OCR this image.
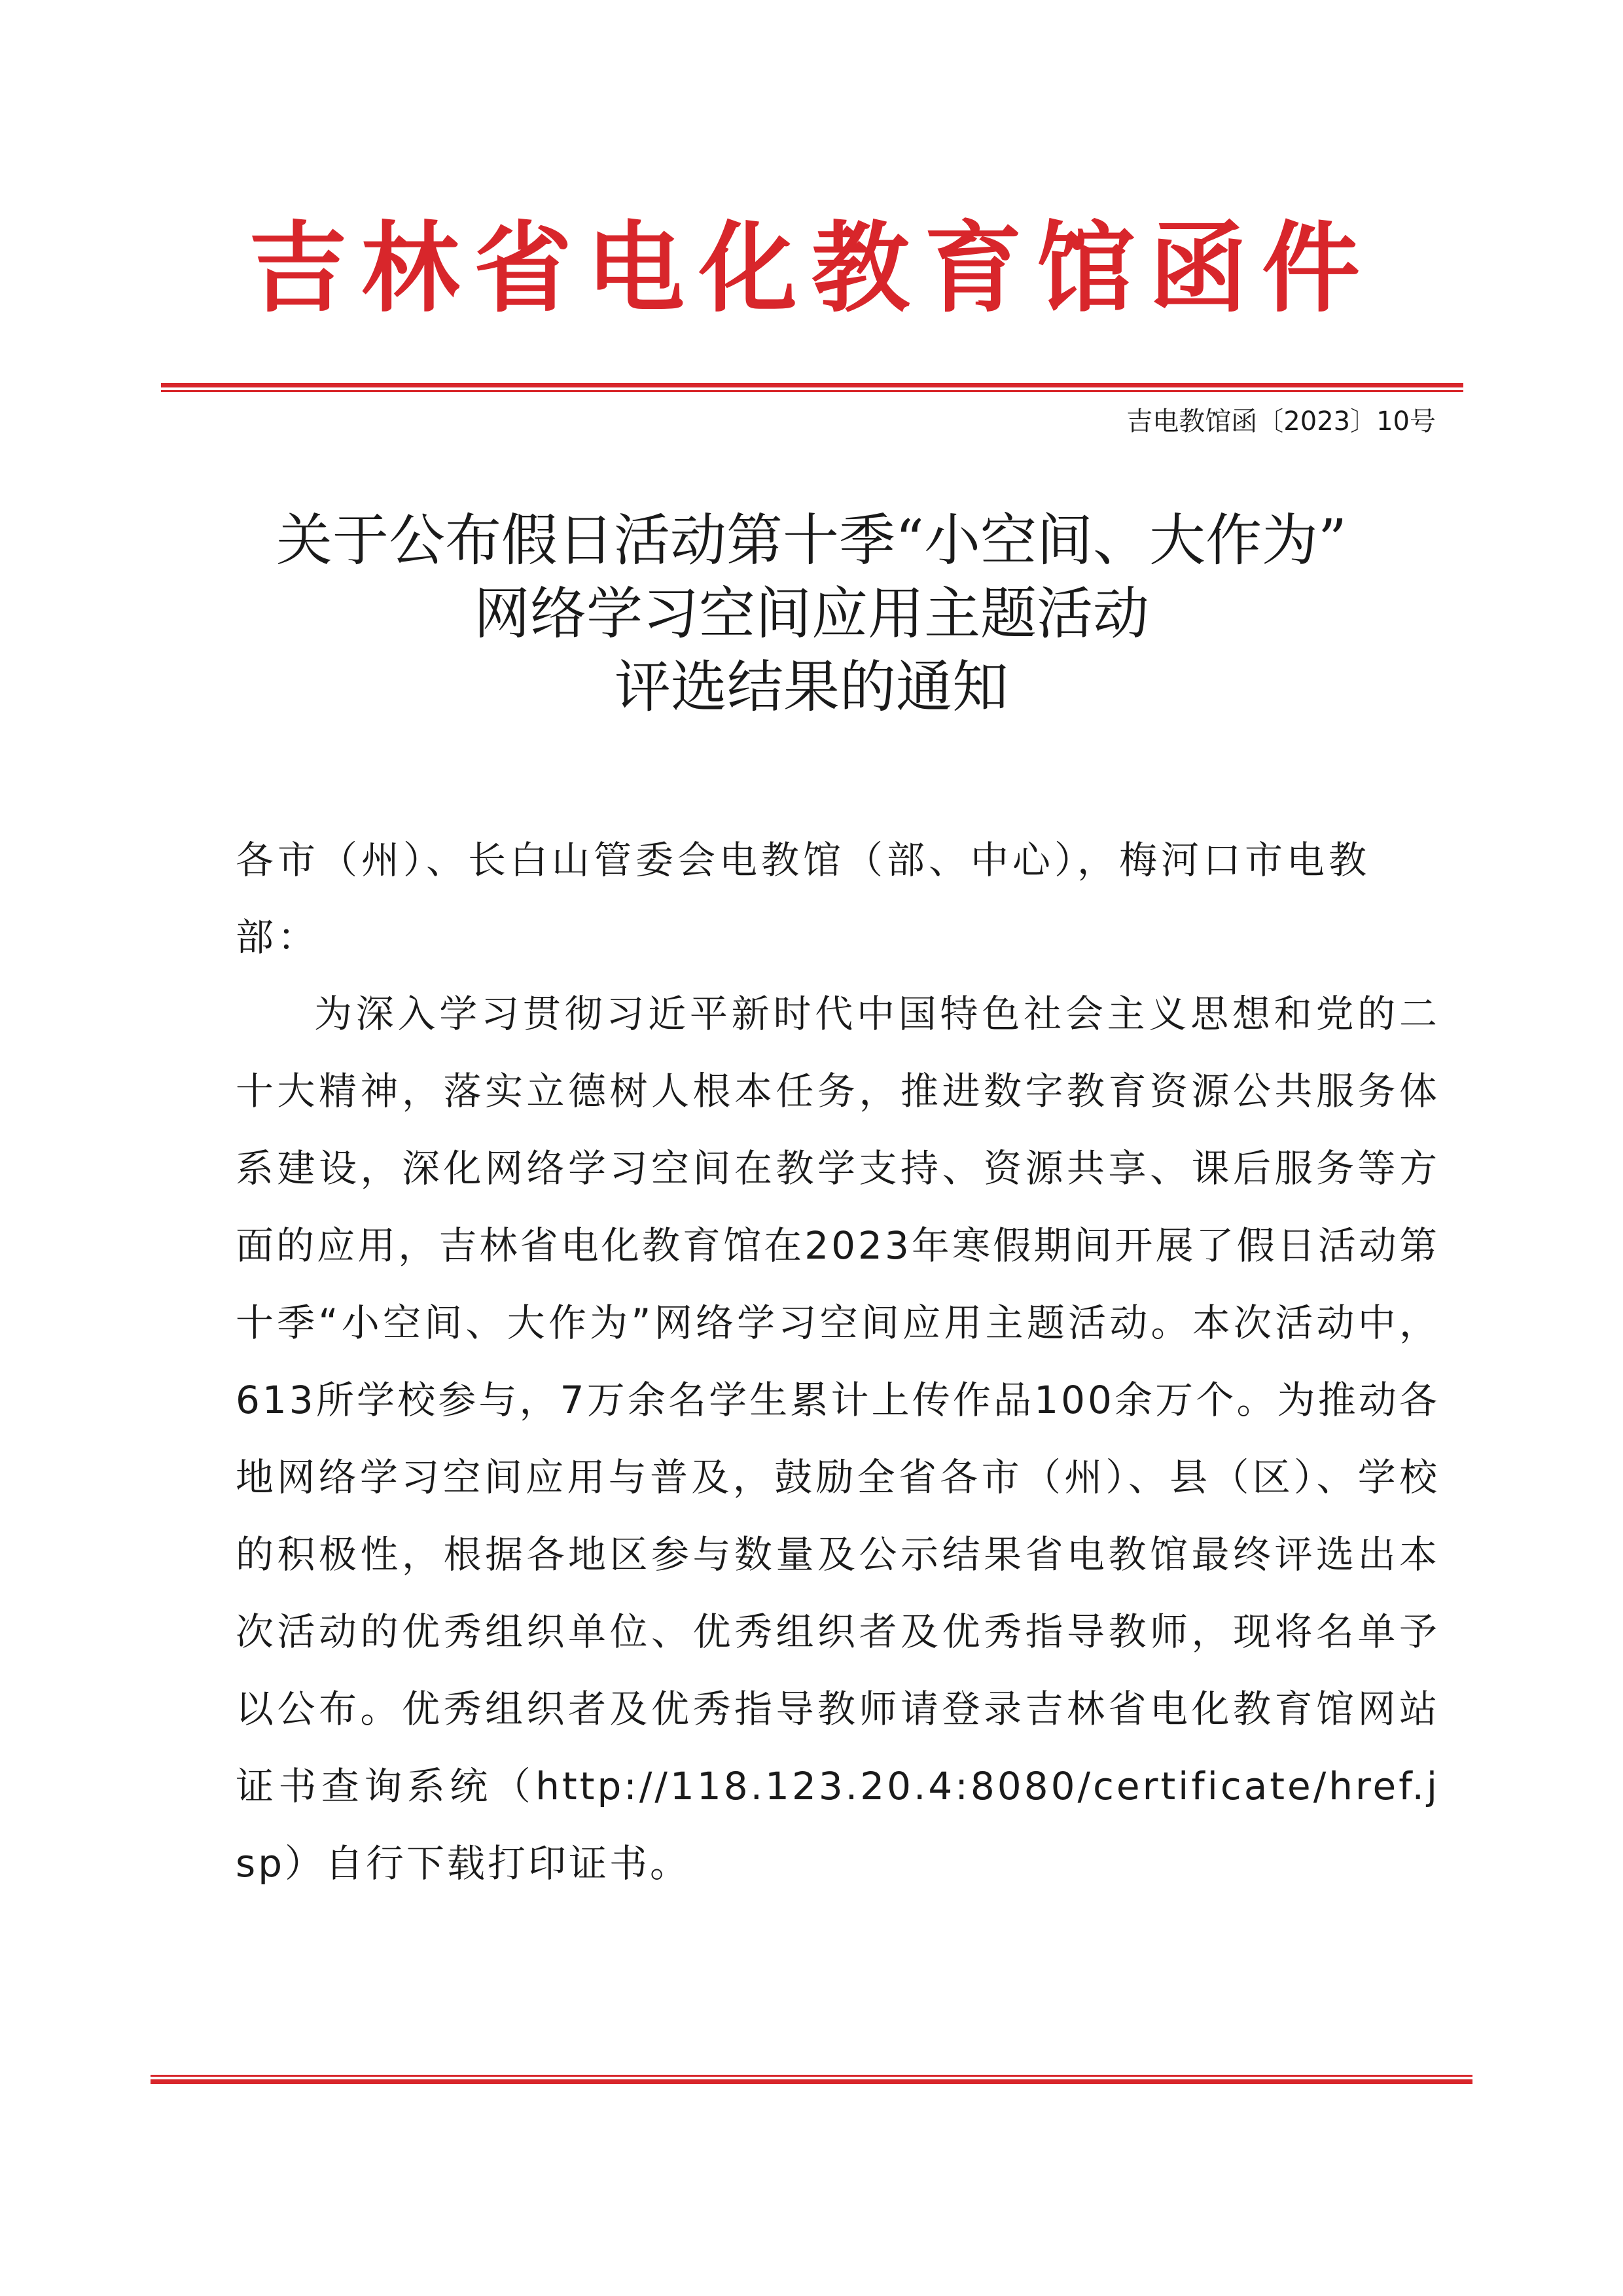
吉林省电化教育馆函件
吉电教馆函〔2023〕10号
关于公布假日活动第十季“小空间、大作为”
网络学习空间应用主题活动
评选结果的通知
各市（州）、长白山管委会电教馆（部、中心），梅河口市电教部：
为深入学习贯彻习近平新时代中国特色社会主义思想和党的二十大精神，落实立德树人根本任务，推进数字教育资源公共服务体系建设，深化网络学习空间在教学支持、资源共享、课后服务等方面的应用，吉林省电化教育馆在2023年寒假期间开展了假日活动第十季“小空间、大作为”网络学习空间应用主题活动。本次活动中，613所学校参与，7万余名学生累计上传作品100余万个。为推动各地网络学习空间应用与普及，鼓励全省各市（州）、县（区）、学校的积极性，根据各地区参与数量及公示结果省电教馆最终评选出本次活动的优秀组织单位、优秀组织者及优秀指导教师，现将名单予以公布。优秀组织者及优秀指导教师请登录吉林省电化教育馆网站证书查询系统（http://118.123.20.4:8080/certificate/href.jsp）自行下载打印证书。
